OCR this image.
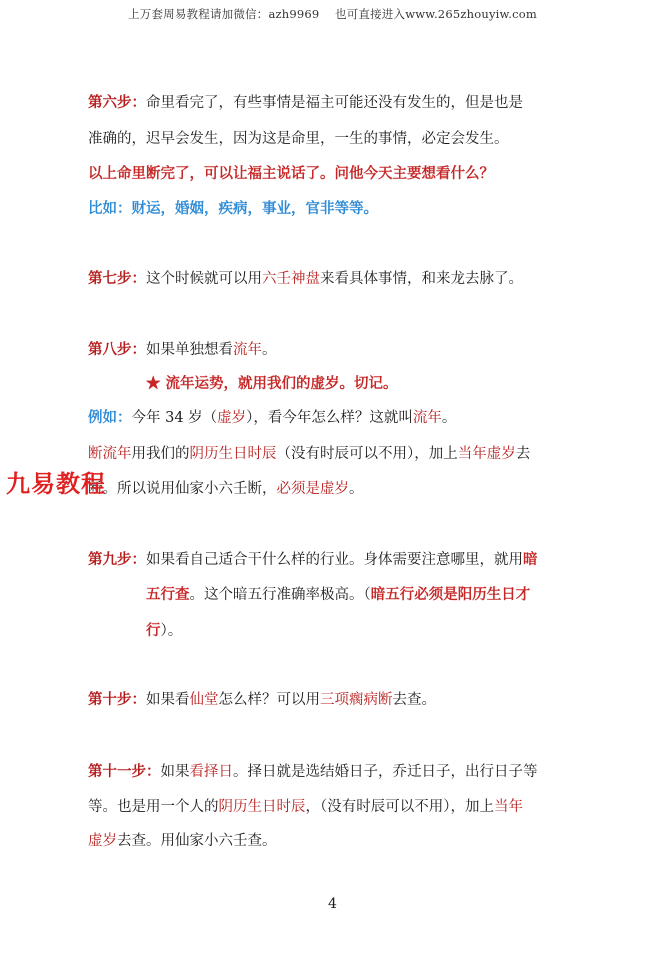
上万套周易教程请加微信：azh9969　 也可直接进入www.265zhouyiw.com
第六步：命里看完了，有些事情是福主可能还没有发生的，但是也是
准确的，迟早会发生，因为这是命里，一生的事情，必定会发生。
以上命里断完了，可以让福主说话了。问他今天主要想看什么？
比如：财运，婚姻，疾病，事业，官非等等。
第七步：这个时候就可以用六壬神盘来看具体事情，和来龙去脉了。
第八步：如果单独想看流年。
★ 流年运势，就用我们的虚岁。切记。
例如：今年 34 岁（虚岁），看今年怎么样？这就叫流年。
断流年用我们的阴历生日时辰（没有时辰可以不用），加上当年虚岁去
断。所以说用仙家小六壬断，必须是虚岁。
九易教程
第九步：如果看自己适合干什么样的行业。身体需要注意哪里，就用暗
五行查。这个暗五行准确率极高。（暗五行必须是阳历生日才
行）。
第十步：如果看仙堂怎么样？可以用三项瘸病断去查。
第十一步：如果看择日。择日就是选结婚日子，乔迁日子，出行日子等
等。也是用一个人的阴历生日时辰，（没有时辰可以不用），加上当年
虚岁去查。用仙家小六壬查。
4
